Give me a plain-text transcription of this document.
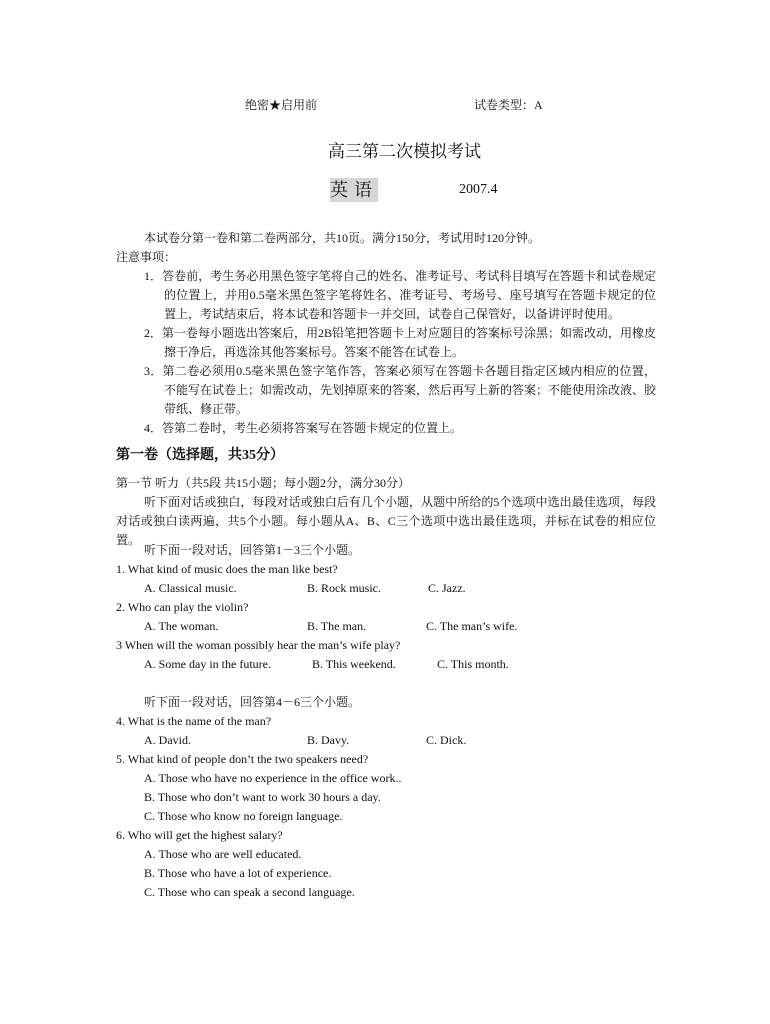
绝密★启用前	试卷类型：A
高三第二次模拟考试
英语	2007.4

本试卷分第一卷和第二卷两部分，共10页。满分150分，考试用时120分钟。

注意事项：

1．答卷前，考生务必用黑色签字笔将自己的姓名、准考证号、考试科目填写在答题卡和试卷规定的位置上，并用0.5毫米黑色签字笔将姓名、准考证号、考场号、座号填写在答题卡规定的位置上，考试结束后，将本试卷和答题卡一并交回，试卷自己保管好，以备讲评时使用。

2．第一卷每小题选出答案后，用2B铅笔把答题卡上对应题目的答案标号涂黑；如需改动，用橡皮擦干净后，再选涂其他答案标号。答案不能答在试卷上。

3．第二卷必须用0.5毫米黑色签字笔作答，答案必须写在答题卡各题目指定区域内相应的位置，不能写在试卷上；如需改动，先划掉原来的答案，然后再写上新的答案；不能使用涂改液、胶带纸、修正带。

4．答第二卷时，考生必须将答案写在答题卡规定的位置上。

第一卷（选择题，共35分）

第一节 听力（共5段 共15小题；每小题2分，满分30分）

听下面对话或独白，每段对话或独白后有几个小题，从题中所给的5个选项中选出最佳选项，每段对话或独白读两遍，共5个小题。每小题从A、B、C三个选项中选出最佳选项，并标在试卷的相应位置。

听下面一段对话，回答第1－3三个小题。

1. What kind of music does the man like best?

A. Classical music.	B. Rock music.	C. Jazz.

2. Who can play the violin?

A. The woman.	B. The man.	C. The man’s wife.

3 When will the woman possibly hear the man’s wife play?

A. Some day in the future.	B. This weekend.	C. This month.

听下面一段对话，回答第4－6三个小题。

4. What is the name of the man?

A. David.	B. Davy.	C. Dick.

5. What kind of people don’t the two speakers need?

A. Those who have no experience in the office work..

B. Those who don’t want to work 30 hours a day.

C. Those who know no foreign language.

6. Who will get the highest salary?

A. Those who are well educated.

B. Those who have a lot of experience.

C. Those who can speak a second language.
